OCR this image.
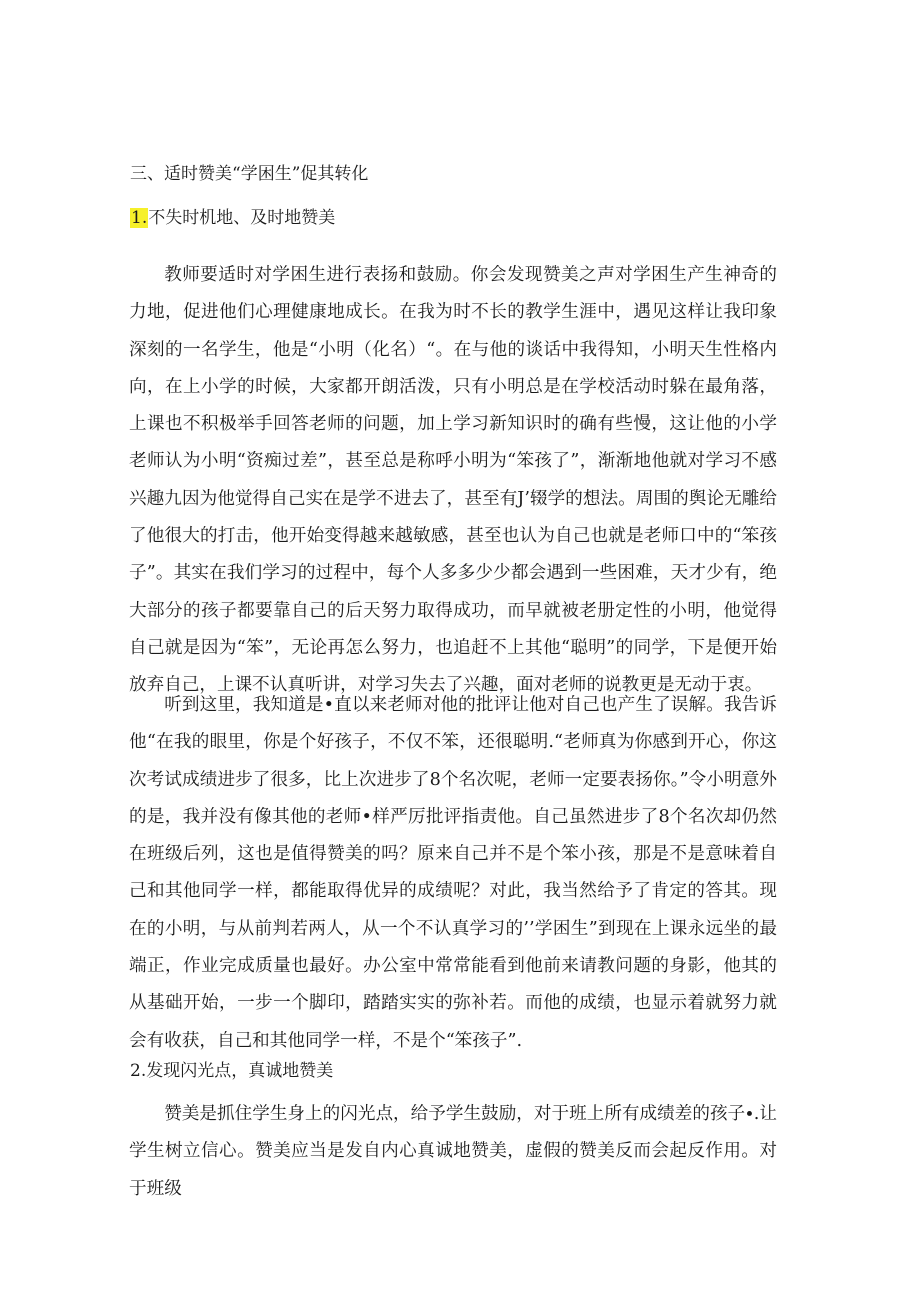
三、适时赞美“学困生”促其转化
1.不失时机地、及时地赞美

教师要适时对学困生进行表扬和鼓励。你会发现赞美之声对学困生产生神奇的力地，促进他们心理健康地成长。在我为时不长的教学生涯中，遇见这样让我印象深刻的一名学生，他是“小明（化名）“。在与他的谈话中我得知，小明天生性格内向，在上小学的时候，大家都开朗活泼，只有小明总是在学校活动时躲在最角落，上课也不积极举手回答老师的问题，加上学习新知识时的确有些慢，这让他的小学老师认为小明“资痴过差”，甚至总是称呼小明为“笨孩了”，渐渐地他就对学习不感兴趣九因为他觉得自己实在是学不进去了，甚至有J’辍学的想法。周围的舆论无雕给了他很大的打击，他开始变得越来越敏感，甚至也认为自己也就是老师口中的“笨孩子”。其实在我们学习的过程中，每个人多多少少都会遇到一些困难，天才少有，绝大部分的孩子都要靠自己的后天努力取得成功，而早就被老册定性的小明，他觉得自己就是因为“笨”，无论再怎么努力，也追赶不上其他“聪明”的同学，下是便开始放弃自己，上课不认真听讲，对学习失去了兴趣，面对老师的说教更是无动于衷。

听到这里，我知道是•直以来老师对他的批评让他对自己也产生了误解。我告诉他“在我的眼里，你是个好孩子，不仅不笨，还很聪明.“老师真为你感到开心，你这次考试成绩进步了很多，比上次进步了8个名次呢，老师一定要表扬你。”令小明意外的是，我并没有像其他的老师•样严厉批评指责他。自己虽然进步了8个名次却仍然在班级后列，这也是值得赞美的吗？原来自己并不是个笨小孩，那是不是意味着自己和其他同学一样，都能取得优异的成绩呢？对此，我当然给予了肯定的答其。现在的小明，与从前判若两人，从一个不认真学习的’’学困生”到现在上课永远坐的最端正，作业完成质量也最好。办公室中常常能看到他前来请教问题的身影，他其的从基础开始，一步一个脚印，踏踏实实的弥补若。而他的成绩，也显示着就努力就会有收获，自己和其他同学一样，不是个“笨孩子”.

2.发现闪光点，真诚地赞美

赞美是抓住学生身上的闪光点，给予学生鼓励，对于班上所有成绩差的孩子∙.让学生树立信心。赞美应当是发自内心真诚地赞美，虚假的赞美反而会起反作用。对于班级
